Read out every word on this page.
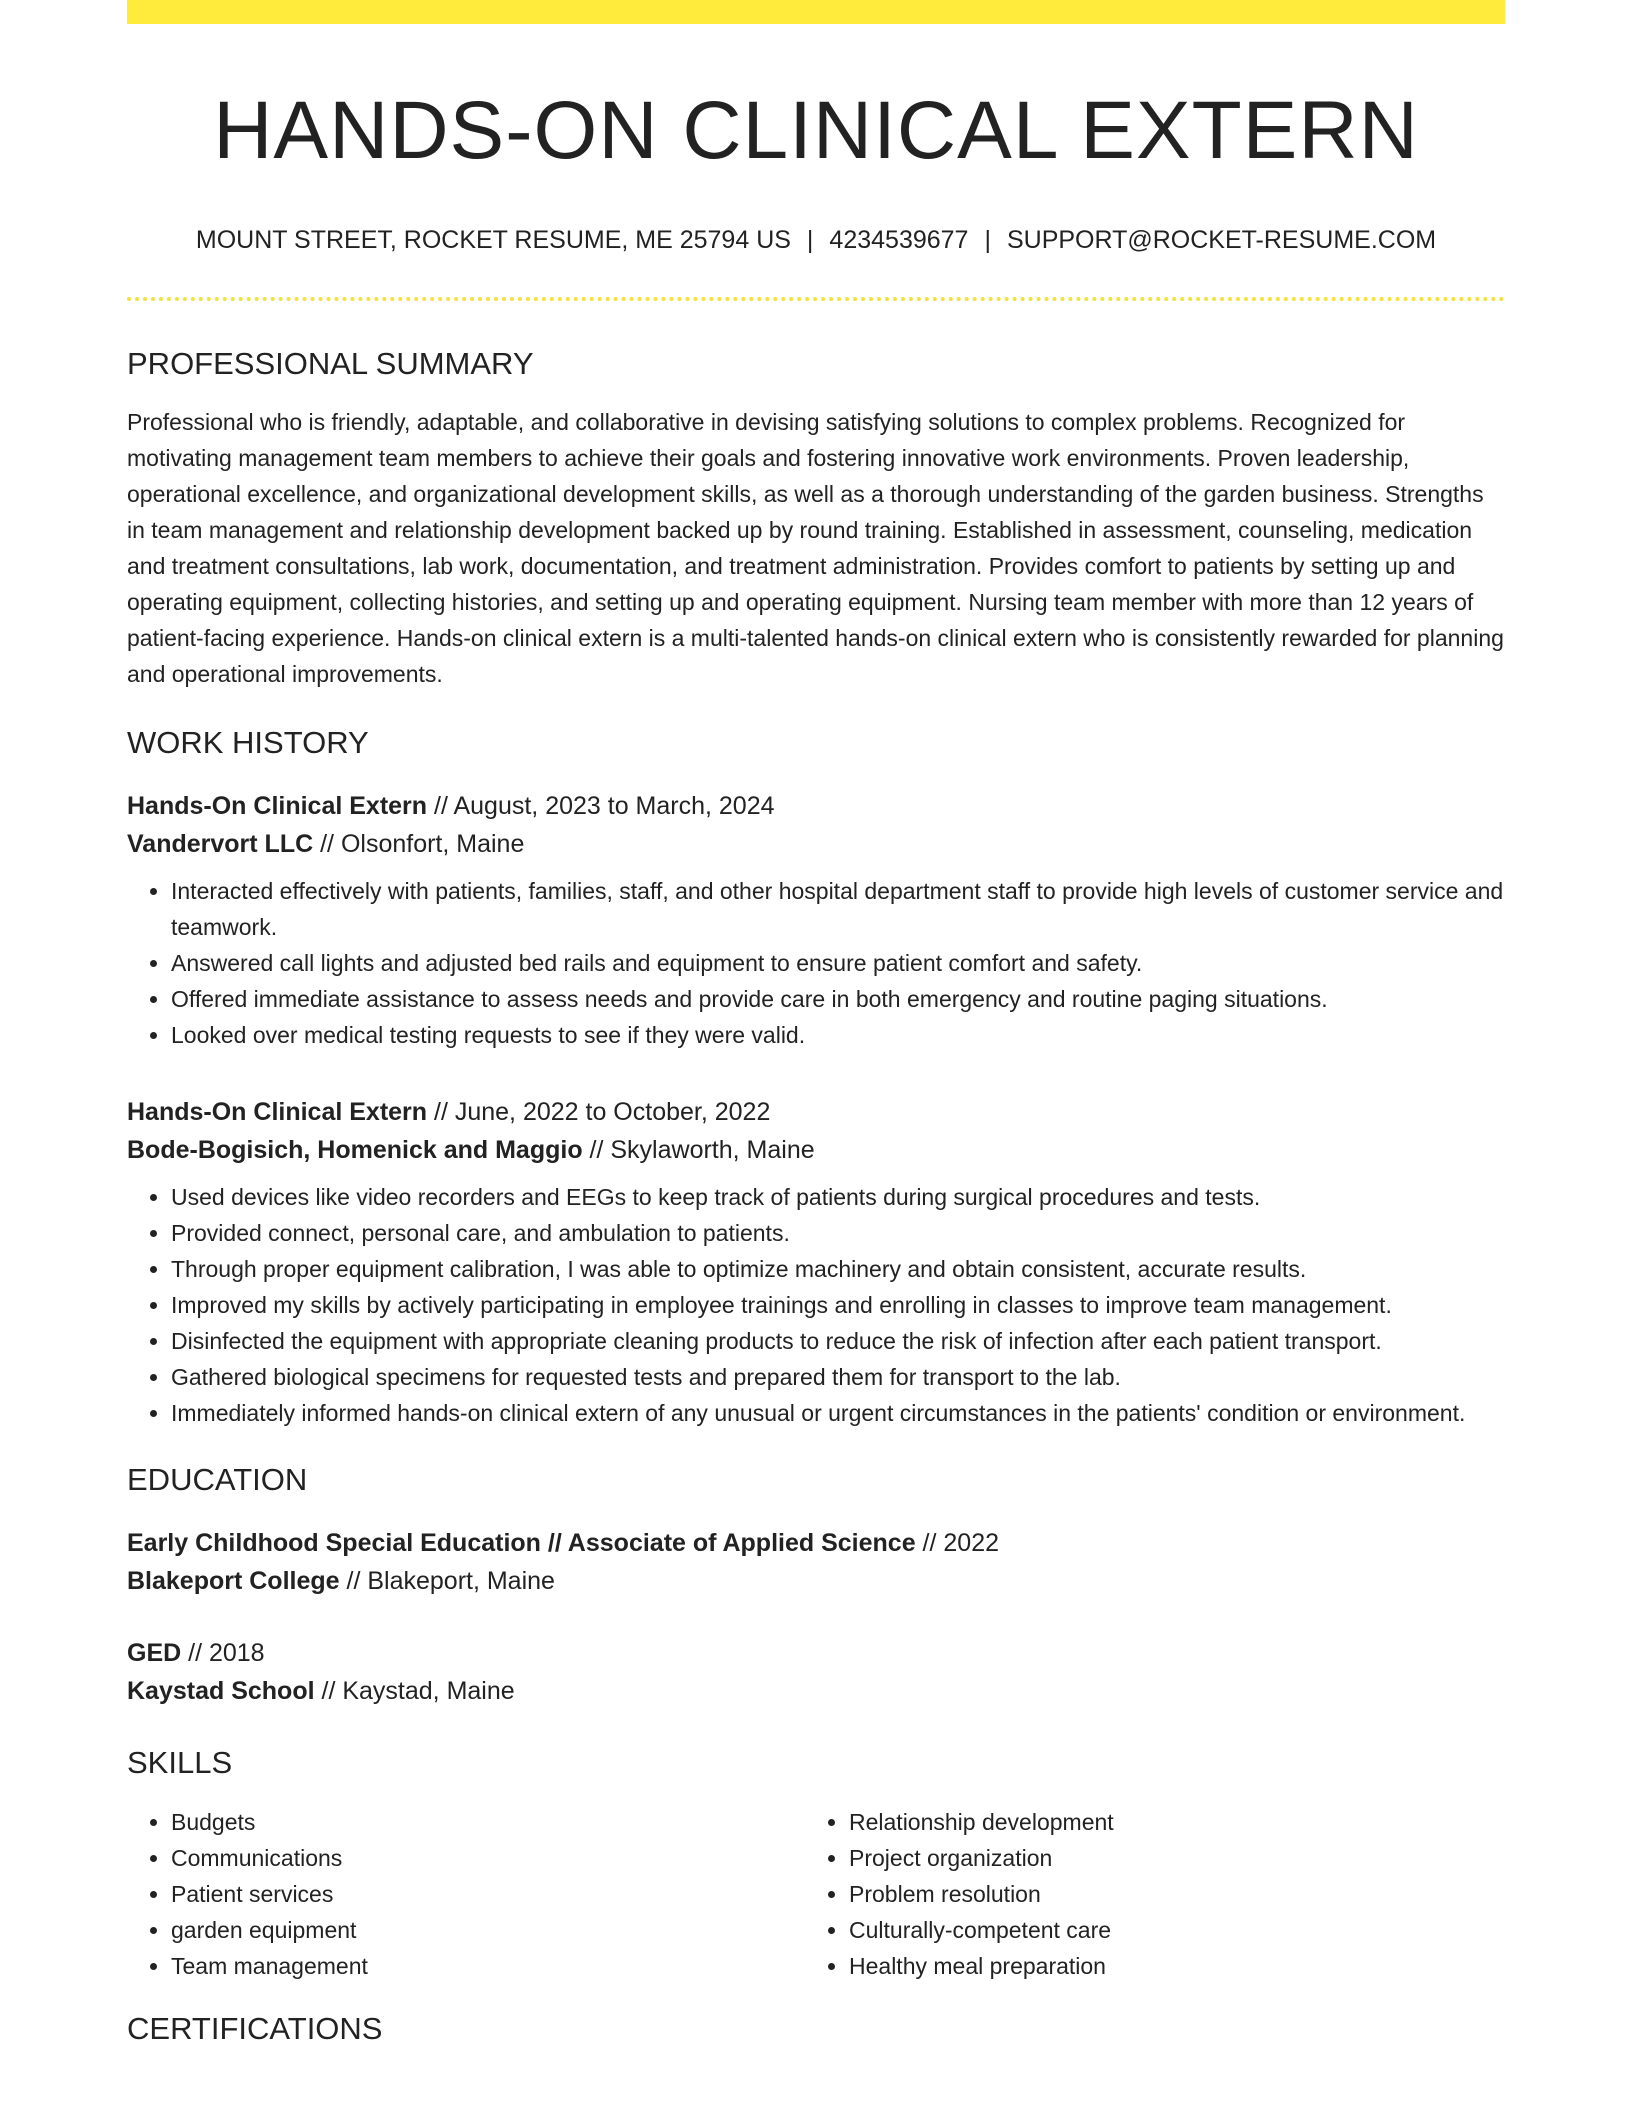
HANDS-ON CLINICAL EXTERN
MOUNT STREET, ROCKET RESUME, ME 25794 US | 4234539677 | SUPPORT@ROCKET-RESUME.COM
PROFESSIONAL SUMMARY

Professional who is friendly, adaptable, and collaborative in devising satisfying solutions to complex problems. Recognized for motivating management team members to achieve their goals and fostering innovative work environments. Proven leadership, operational excellence, and organizational development skills, as well as a thorough understanding of the garden business. Strengths in team management and relationship development backed up by round training. Established in assessment, counseling, medication and treatment consultations, lab work, documentation, and treatment administration. Provides comfort to patients by setting up and operating equipment, collecting histories, and setting up and operating equipment. Nursing team member with more than 12 years of patient-facing experience. Hands-on clinical extern is a multi-talented hands-on clinical extern who is consistently rewarded for planning and operational improvements.

WORK HISTORY
Hands-On Clinical Extern // August, 2023 to March, 2024
Vandervort LLC // Olsonfort, Maine
• Interacted effectively with patients, families, staff, and other hospital department staff to provide high levels of customer service and teamwork.
• Answered call lights and adjusted bed rails and equipment to ensure patient comfort and safety.
• Offered immediate assistance to assess needs and provide care in both emergency and routine paging situations.
• Looked over medical testing requests to see if they were valid.
Hands-On Clinical Extern // June, 2022 to October, 2022
Bode-Bogisich, Homenick and Maggio // Skylaworth, Maine
• Used devices like video recorders and EEGs to keep track of patients during surgical procedures and tests.
• Provided connect, personal care, and ambulation to patients.
• Through proper equipment calibration, I was able to optimize machinery and obtain consistent, accurate results.
• Improved my skills by actively participating in employee trainings and enrolling in classes to improve team management.
• Disinfected the equipment with appropriate cleaning products to reduce the risk of infection after each patient transport.
• Gathered biological specimens for requested tests and prepared them for transport to the lab.
• Immediately informed hands-on clinical extern of any unusual or urgent circumstances in the patients' condition or environment.
EDUCATION
Early Childhood Special Education // Associate of Applied Science // 2022
Blakeport College // Blakeport, Maine
GED // 2018
Kaystad School // Kaystad, Maine
SKILLS
• Budgets
• Communications
• Patient services
• garden equipment
• Team management
• Relationship development
• Project organization
• Problem resolution
• Culturally-competent care
• Healthy meal preparation
CERTIFICATIONS
